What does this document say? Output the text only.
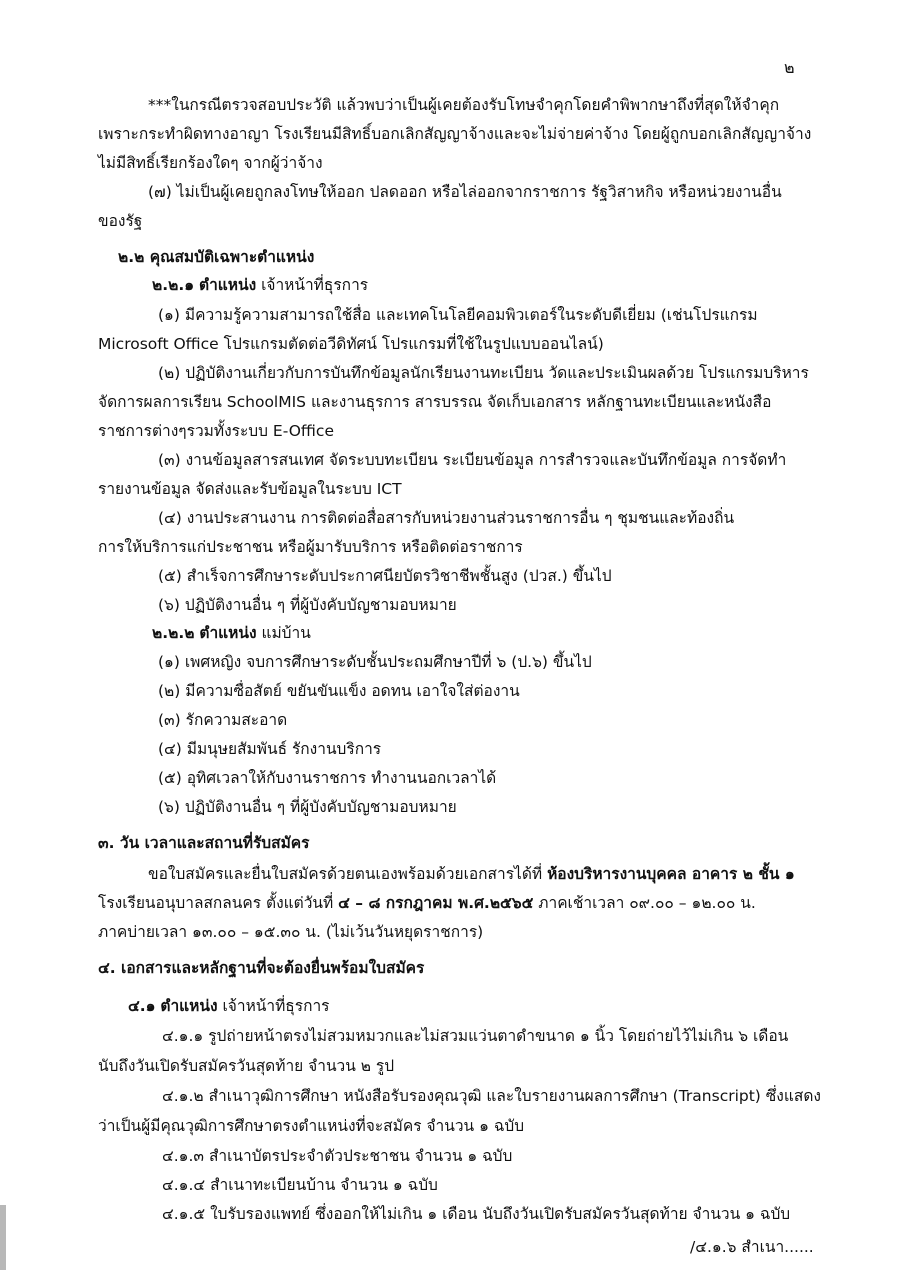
๒
***ในกรณีตรวจสอบประวัติ แล้วพบว่าเป็นผู้เคยต้องรับโทษจำคุกโดยคำพิพากษาถึงที่สุดให้จำคุก
เพราะกระทำผิดทางอาญา โรงเรียนมีสิทธิ์บอกเลิกสัญญาจ้างและจะไม่จ่ายค่าจ้าง โดยผู้ถูกบอกเลิกสัญญาจ้าง
ไม่มีสิทธิ์เรียกร้องใดๆ จากผู้ว่าจ้าง
(๗) ไม่เป็นผู้เคยถูกลงโทษให้ออก ปลดออก หรือไล่ออกจากราชการ รัฐวิสาหกิจ หรือหน่วยงานอื่น
ของรัฐ
๒.๒ คุณสมบัติเฉพาะตำแหน่ง
๒.๒.๑ ตำแหน่ง เจ้าหน้าที่ธุรการ
(๑) มีความรู้ความสามารถใช้สื่อ และเทคโนโลยีคอมพิวเตอร์ในระดับดีเยี่ยม (เช่นโปรแกรม
Microsoft Office โปรแกรมตัดต่อวีดิทัศน์ โปรแกรมที่ใช้ในรูปแบบออนไลน์)
(๒) ปฏิบัติงานเกี่ยวกับการบันทึกข้อมูลนักเรียนงานทะเบียน วัดและประเมินผลด้วย โปรแกรมบริหาร
จัดการผลการเรียน SchoolMIS และงานธุรการ สารบรรณ จัดเก็บเอกสาร หลักฐานทะเบียนและหนังสือ
ราชการต่างๆรวมทั้งระบบ E-Office
(๓) งานข้อมูลสารสนเทศ จัดระบบทะเบียน ระเบียนข้อมูล การสำรวจและบันทึกข้อมูล การจัดทำ
รายงานข้อมูล จัดส่งและรับข้อมูลในระบบ ICT
(๔) งานประสานงาน การติดต่อสื่อสารกับหน่วยงานส่วนราชการอื่น ๆ ชุมชนและท้องถิ่น
การให้บริการแก่ประชาชน หรือผู้มารับบริการ หรือติดต่อราชการ
(๕) สำเร็จการศึกษาระดับประกาศนียบัตรวิชาชีพชั้นสูง (ปวส.) ขึ้นไป
(๖) ปฏิบัติงานอื่น ๆ ที่ผู้บังคับบัญชามอบหมาย
๒.๒.๒ ตำแหน่ง แม่บ้าน
(๑) เพศหญิง จบการศึกษาระดับชั้นประถมศึกษาปีที่ ๖ (ป.๖) ขึ้นไป
(๒) มีความซื่อสัตย์ ขยันขันแข็ง อดทน เอาใจใส่ต่องาน
(๓) รักความสะอาด
(๔) มีมนุษยสัมพันธ์ รักงานบริการ
(๕) อุทิศเวลาให้กับงานราชการ ทำงานนอกเวลาได้
(๖) ปฏิบัติงานอื่น ๆ ที่ผู้บังคับบัญชามอบหมาย
๓. วัน เวลาและสถานที่รับสมัคร
ขอใบสมัครและยื่นใบสมัครด้วยตนเองพร้อมด้วยเอกสารได้ที่ ห้องบริหารงานบุคคล อาคาร ๒ ชั้น ๑
โรงเรียนอนุบาลสกลนคร ตั้งแต่วันที่ ๔ – ๘ กรกฎาคม พ.ศ.๒๕๖๕ ภาคเช้าเวลา ๐๙.๐๐ – ๑๒.๐๐ น.
ภาคบ่ายเวลา ๑๓.๐๐ – ๑๕.๓๐ น. (ไม่เว้นวันหยุดราชการ)
๔. เอกสารและหลักฐานที่จะต้องยื่นพร้อมใบสมัคร
๔.๑ ตำแหน่ง เจ้าหน้าที่ธุรการ
๔.๑.๑ รูปถ่ายหน้าตรงไม่สวมหมวกและไม่สวมแว่นตาดำขนาด ๑ นิ้ว โดยถ่ายไว้ไม่เกิน ๖ เดือน
นับถึงวันเปิดรับสมัครวันสุดท้าย จำนวน ๒ รูป
๔.๑.๒ สำเนาวุฒิการศึกษา หนังสือรับรองคุณวุฒิ และใบรายงานผลการศึกษา (Transcript) ซึ่งแสดง
ว่าเป็นผู้มีคุณวุฒิการศึกษาตรงตำแหน่งที่จะสมัคร จำนวน ๑ ฉบับ
๔.๑.๓ สำเนาบัตรประจำตัวประชาชน จำนวน ๑ ฉบับ
๔.๑.๔ สำเนาทะเบียนบ้าน จำนวน ๑ ฉบับ
๔.๑.๕ ใบรับรองแพทย์ ซึ่งออกให้ไม่เกิน ๑ เดือน นับถึงวันเปิดรับสมัครวันสุดท้าย จำนวน ๑ ฉบับ
/๔.๑.๖ สำเนา......
